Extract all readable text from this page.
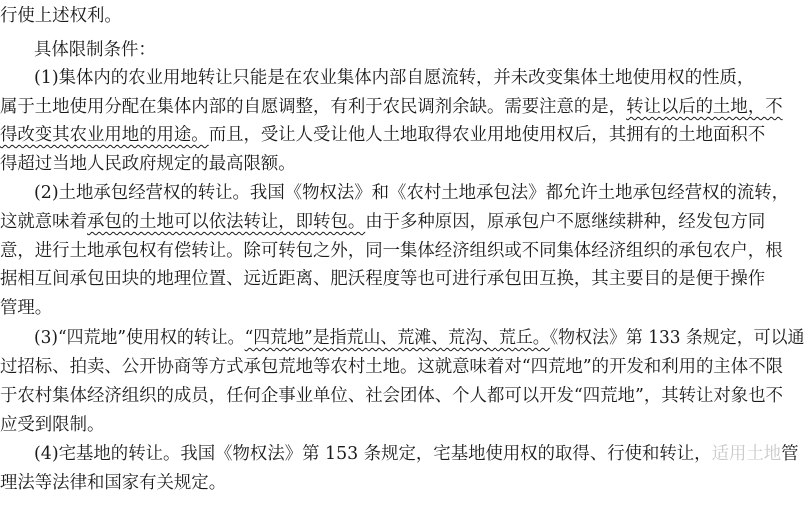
行使上述权利。
具体限制条件：
(1)集体内的农业用地转让只能是在农业集体内部自愿流转，并未改变集体土地使用权的性质，
属于土地使用分配在集体内部的自愿调整，有利于农民调剂余缺。需要注意的是，转让以后的土地，不
得改变其农业用地的用途。而且，受让人受让他人土地取得农业用地使用权后，其拥有的土地面积不
得超过当地人民政府规定的最高限额。
(2)土地承包经营权的转让。我国《物权法》和《农村土地承包法》都允许土地承包经营权的流转，
这就意味着承包的土地可以依法转让，即转包。由于多种原因，原承包户不愿继续耕种，经发包方同
意，进行土地承包权有偿转让。除可转包之外，同一集体经济组织或不同集体经济组织的承包农户，根
据相互间承包田块的地理位置、远近距离、肥沃程度等也可进行承包田互换，其主要目的是便于操作
管理。
(3)“四荒地”使用权的转让。“四荒地”是指荒山、荒滩、荒沟、荒丘。《物权法》第 133 条规定，可以通
过招标、拍卖、公开协商等方式承包荒地等农村土地。这就意味着对“四荒地”的开发和利用的主体不限
于农村集体经济组织的成员，任何企事业单位、社会团体、个人都可以开发“四荒地”，其转让对象也不
应受到限制。
(4)宅基地的转让。我国《物权法》第 153 条规定，宅基地使用权的取得、行使和转让，适用土地管
理法等法律和国家有关规定。
